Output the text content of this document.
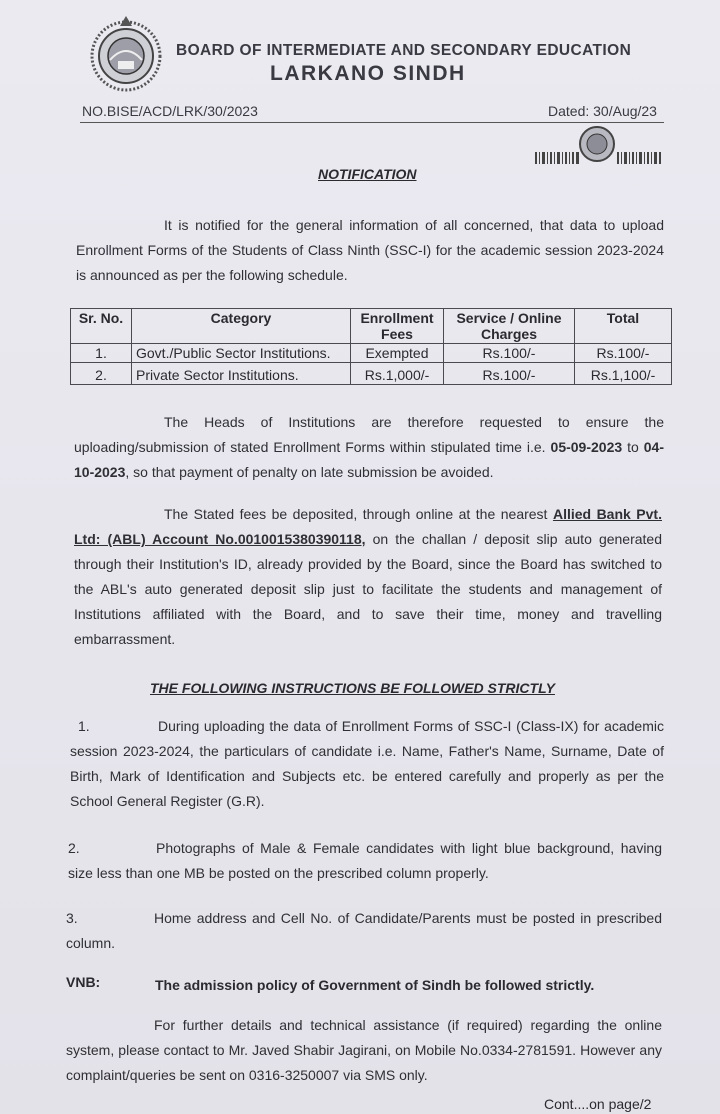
BOARD OF INTERMEDIATE AND SECONDARY EDUCATION
LARKANO SINDH
NO.BISE/ACD/LRK/30/2023	Dated: 30/Aug/23
NOTIFICATION
It is notified for the general information of all concerned, that data to upload Enrollment Forms of the Students of Class Ninth (SSC-I) for the academic session 2023-2024 is announced as per the following schedule.
Sr. No.	Category	Enrollment Fees	Service / Online Charges	Total
1.	Govt./Public Sector Institutions.	Exempted	Rs.100/-	Rs.100/-
2.	Private Sector Institutions.	Rs.1,000/-	Rs.100/-	Rs.1,100/-
The Heads of Institutions are therefore requested to ensure the uploading/submission of stated Enrollment Forms within stipulated time i.e. 05-09-2023 to 04-10-2023, so that payment of penalty on late submission be avoided.
The Stated fees be deposited, through online at the nearest Allied Bank Pvt. Ltd: (ABL) Account No.0010015380390118, on the challan / deposit slip auto generated through their Institution's ID, already provided by the Board, since the Board has switched to the ABL's auto generated deposit slip just to facilitate the students and management of Institutions affiliated with the Board, and to save their time, money and travelling embarrassment.
THE FOLLOWING INSTRUCTIONS BE FOLLOWED STRICTLY
1.	During uploading the data of Enrollment Forms of SSC-I (Class-IX) for academic session 2023-2024, the particulars of candidate i.e. Name, Father's Name, Surname, Date of Birth, Mark of Identification and Subjects etc. be entered carefully and properly as per the School General Register (G.R).
2.	Photographs of Male & Female candidates with light blue background, having size less than one MB be posted on the prescribed column properly.
3.	Home address and Cell No. of Candidate/Parents must be posted in prescribed column.
VNB:	The admission policy of Government of Sindh be followed strictly.
For further details and technical assistance (if required) regarding the online system, please contact to Mr. Javed Shabir Jagirani, on Mobile No.0334-2781591. However any complaint/queries be sent on 0316-3250007 via SMS only.
Cont....on page/2
